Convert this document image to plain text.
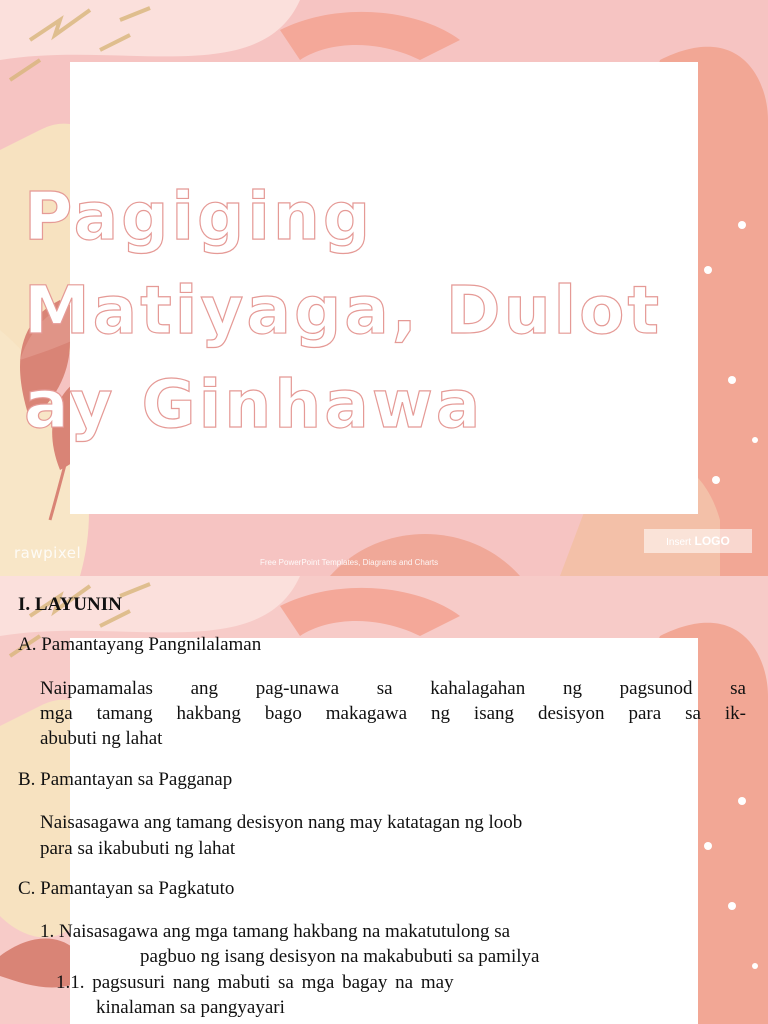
Pagiging Matiyaga, Dulot ay Ginhawa
rawpixel
Free PowerPoint Templates, Diagrams and Charts
Insert LOGO
I. LAYUNIN
A. Pamantayang Pangnilalaman
Naipamamalas ang pag-unawa sa kahalagahan ng pagsunod sa
mga tamang hakbang bago makagawa ng isang desisyon para sa ik-
abubuti ng lahat
B. Pamantayan sa Pagganap
Naisasagawa ang tamang desisyon nang may katatagan ng loob
para sa ikabubuti ng lahat
C. Pamantayan sa Pagkatuto
1. Naisasagawa ang mga tamang hakbang na makatutulong sa
pagbuo ng isang desisyon na makabubuti sa pamilya
1.1. pagsusuri nang mabuti sa mga bagay na may
kinalaman sa pangyayari
